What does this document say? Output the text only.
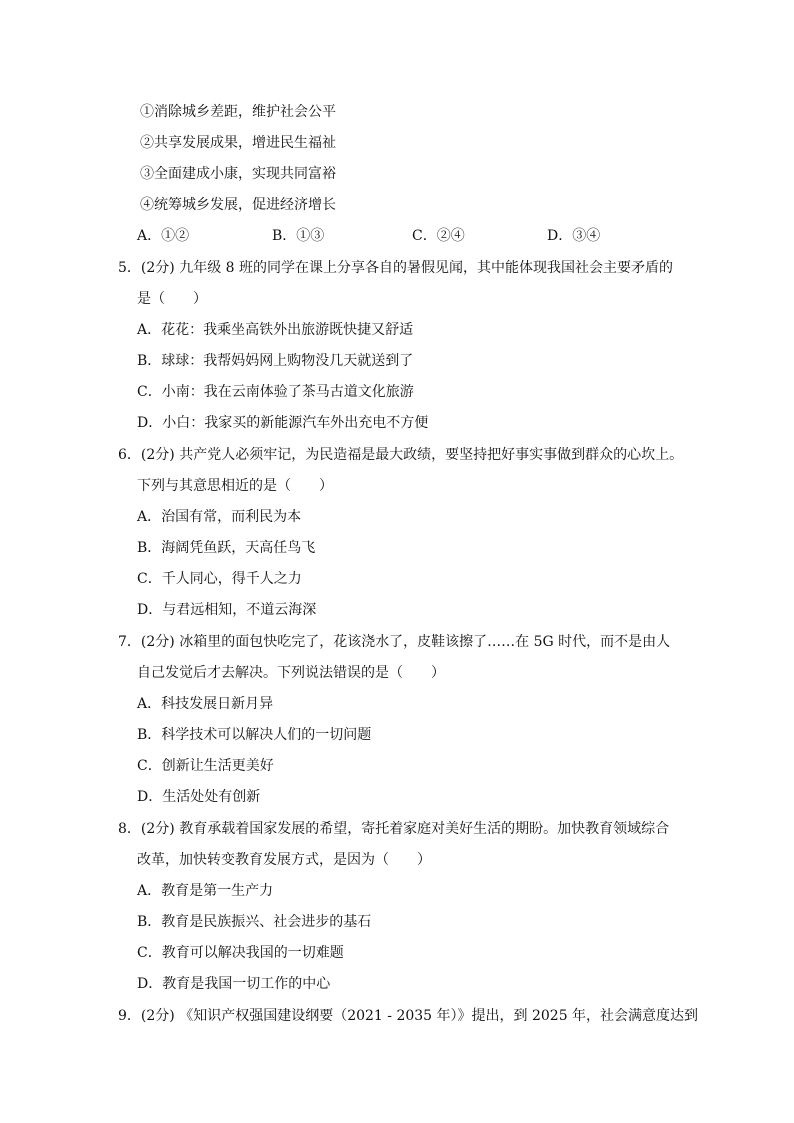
①消除城乡差距，维护社会公平
②共享发展成果，增进民生福祉
③全面建成小康，实现共同富裕
④统筹城乡发展，促进经济增长
A．①②	B．①③	C．②④	D．③④
5．(2分) 九年级 8 班的同学在课上分享各自的暑假见闻，其中能体现我国社会主要矛盾的
是（　　）
A．花花：我乘坐高铁外出旅游既快捷又舒适
B．球球：我帮妈妈网上购物没几天就送到了
C．小南：我在云南体验了茶马古道文化旅游
D．小白：我家买的新能源汽车外出充电不方便
6．(2分) 共产党人必须牢记，为民造福是最大政绩，要坚持把好事实事做到群众的心坎上。
下列与其意思相近的是（　　）
A．治国有常，而利民为本
B．海阔凭鱼跃，天高任鸟飞
C．千人同心，得千人之力
D．与君远相知，不道云海深
7．(2分) 冰箱里的面包快吃完了，花该浇水了，皮鞋该擦了……在 5G 时代，而不是由人
自己发觉后才去解决。下列说法错误的是（　　）
A．科技发展日新月异
B．科学技术可以解决人们的一切问题
C．创新让生活更美好
D．生活处处有创新
8．(2分) 教育承载着国家发展的希望，寄托着家庭对美好生活的期盼。加快教育领域综合
改革，加快转变教育发展方式，是因为（　　）
A．教育是第一生产力
B．教育是民族振兴、社会进步的基石
C．教育可以解决我国的一切难题
D．教育是我国一切工作的中心
9．(2分) 《知识产权强国建设纲要（2021 - 2035 年）》提出，到 2025 年，社会满意度达到
